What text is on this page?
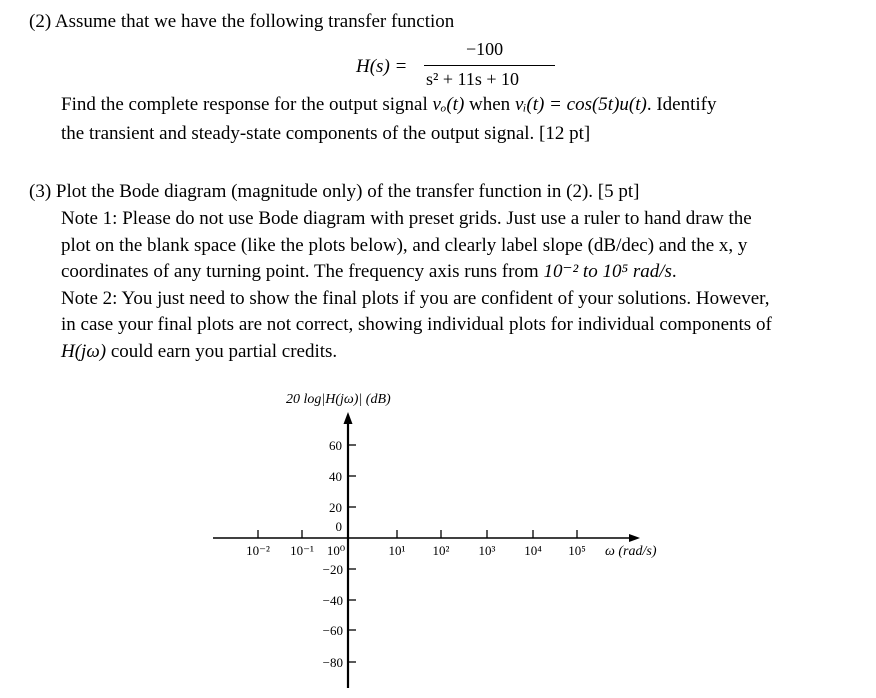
(2) Assume that we have the following transfer function
H(s) =
−100
s² + 11s + 10
Find the complete response for the output signal vₒ(t) when vᵢ(t) = cos(5t)u(t). Identify
the transient and steady-state components of the output signal. [12 pt]
(3) Plot the Bode diagram (magnitude only) of the transfer function in (2). [5 pt]
Note 1: Please do not use Bode diagram with preset grids. Just use a ruler to hand draw the
plot on the blank space (like the plots below), and clearly label slope (dB/dec) and the x, y
coordinates of any turning point. The frequency axis runs from 10⁻² to 10⁵ rad/s.
Note 2: You just need to show the final plots if you are confident of your solutions. However,
in case your final plots are not correct, showing individual plots for individual components of
H(jω) could earn you partial credits.
20 log|H(jω)| (dB)
60
40
20
0
−20
−40
−60
−80
10⁻² 10⁻¹ 10⁰	10¹ 10² 10³ 10⁴ 10⁵ ω (rad/s)
